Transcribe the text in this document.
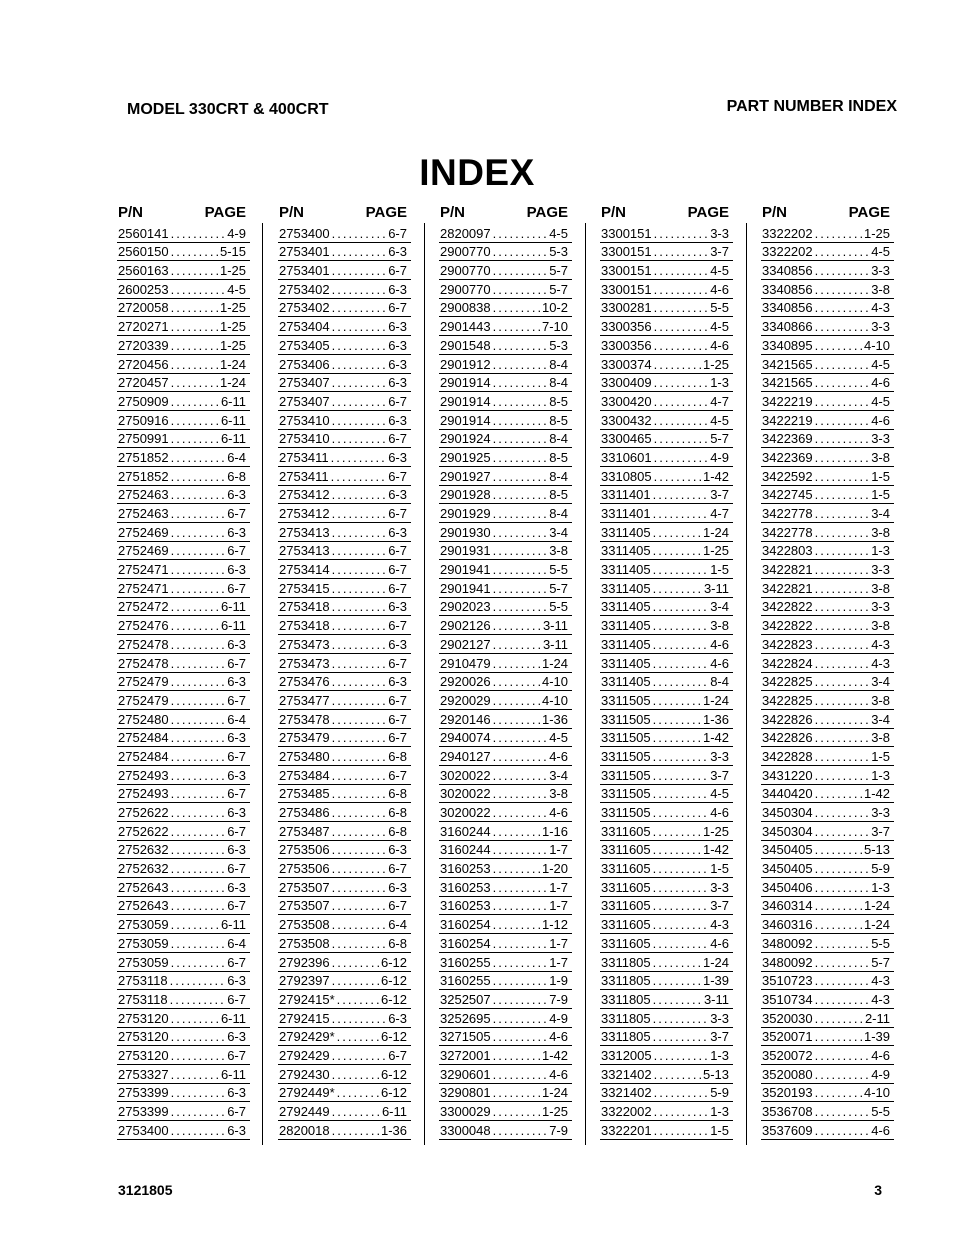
MODEL 330CRT & 400CRT	PART NUMBER INDEX
INDEX
P/N	PAGE
2560141 .....	4-9
2560150 .....	5-15
2560163 .....	1-25
2600253 .....	4-5
2720058 .....	1-25
2720271 .....	1-25
2720339 .....	1-25
2720456 .....	1-24
2720457 .....	1-24
2750909 .....	6-11
2750916 .....	6-11
2750991 .....	6-11
2751852 .....	6-4
2751852 .....	6-8
2752463 .....	6-3
2752463 .....	6-7
2752469 .....	6-3
2752469 .....	6-7
2752471 .....	6-3
2752471 .....	6-7
2752472 .....	6-11
2752476 .....	6-11
2752478 .....	6-3
2752478 .....	6-7
2752479 .....	6-3
2752479 .....	6-7
2752480 .....	6-4
2752484 .....	6-3
2752484 .....	6-7
2752493 .....	6-3
2752493 .....	6-7
2752622 .....	6-3
2752622 .....	6-7
2752632 .....	6-3
2752632 .....	6-7
2752643 .....	6-3
2752643 .....	6-7
2753059 .....	6-11
2753059 .....	6-4
2753059 .....	6-7
2753118 .....	6-3
2753118 .....	6-7
2753120 .....	6-11
2753120 .....	6-3
2753120 .....	6-7
2753327 .....	6-11
2753399 .....	6-3
2753399 .....	6-7
2753400 .....	6-3
P/N	PAGE
2753400 .....	6-7
2753401 .....	6-3
2753401 .....	6-7
2753402 .....	6-3
2753402 .....	6-7
2753404 .....	6-3
2753405 .....	6-3
2753406 .....	6-3
2753407 .....	6-3
2753407 .....	6-7
2753410 .....	6-3
2753410 .....	6-7
2753411 .....	6-3
2753411 .....	6-7
2753412 .....	6-3
2753412 .....	6-7
2753413 .....	6-3
2753413 .....	6-7
2753414 .....	6-7
2753415 .....	6-7
2753418 .....	6-3
2753418 .....	6-7
2753473 .....	6-3
2753473 .....	6-7
2753476 .....	6-3
2753477 .....	6-7
2753478 .....	6-7
2753479 .....	6-7
2753480 .....	6-8
2753484 .....	6-7
2753485 .....	6-8
2753486 .....	6-8
2753487 .....	6-8
2753506 .....	6-3
2753506 .....	6-7
2753507 .....	6-3
2753507 .....	6-7
2753508 .....	6-4
2753508 .....	6-8
2792396 .....	6-12
2792397 .....	6-12
2792415* .....	6-12
2792415 .....	6-3
2792429* .....	6-12
2792429 .....	6-7
2792430 .....	6-12
2792449* .....	6-12
2792449 .....	6-11
2820018 .....	1-36
P/N	PAGE
2820097 .....	4-5
2900770 .....	5-3
2900770 .....	5-7
2900770 .....	5-7
2900838 .....	10-2
2901443 .....	7-10
2901548 .....	5-3
2901912 .....	8-4
2901914 .....	8-4
2901914 .....	8-5
2901914 .....	8-5
2901924 .....	8-4
2901925 .....	8-5
2901927 .....	8-4
2901928 .....	8-5
2901929 .....	8-4
2901930 .....	3-4
2901931 .....	3-8
2901941 .....	5-5
2901941 .....	5-7
2902023 .....	5-5
2902126 .....	3-11
2902127 .....	3-11
2910479 .....	1-24
2920026 .....	4-10
2920029 .....	4-10
2920146 .....	1-36
2940074 .....	4-5
2940127 .....	4-6
3020022 .....	3-4
3020022 .....	3-8
3020022 .....	4-6
3160244 .....	1-16
3160244 .....	1-7
3160253 .....	1-20
3160253 .....	1-7
3160253 .....	1-7
3160254 .....	1-12
3160254 .....	1-7
3160255 .....	1-7
3160255 .....	1-9
3252507 .....	7-9
3252695 .....	4-9
3271505 .....	4-6
3272001 .....	1-42
3290601 .....	4-6
3290801 .....	1-24
3300029 .....	1-25
3300048 .....	7-9
P/N	PAGE
3300151 .....	3-3
3300151 .....	3-7
3300151 .....	4-5
3300151 .....	4-6
3300281 .....	5-5
3300356 .....	4-5
3300356 .....	4-6
3300374 .....	1-25
3300409 .....	1-3
3300420 .....	4-7
3300432 .....	4-5
3300465 .....	5-7
3310601 .....	4-9
3310805 .....	1-42
3311401 .....	3-7
3311401 .....	4-7
3311405 .....	1-24
3311405 .....	1-25
3311405 .....	1-5
3311405 .....	3-11
3311405 .....	3-4
3311405 .....	3-8
3311405 .....	4-6
3311405 .....	4-6
3311405 .....	8-4
3311505 .....	1-24
3311505 .....	1-36
3311505 .....	1-42
3311505 .....	3-3
3311505 .....	3-7
3311505 .....	4-5
3311505 .....	4-6
3311605 .....	1-25
3311605 .....	1-42
3311605 .....	1-5
3311605 .....	3-3
3311605 .....	3-7
3311605 .....	4-3
3311605 .....	4-6
3311805 .....	1-24
3311805 .....	1-39
3311805 .....	3-11
3311805 .....	3-3
3311805 .....	3-7
3312005 .....	1-3
3321402 .....	5-13
3321402 .....	5-9
3322002 .....	1-3
3322201 .....	1-5
P/N	PAGE
3322202 .....	1-25
3322202 .....	4-5
3340856 .....	3-3
3340856 .....	3-8
3340856 .....	4-3
3340866 .....	3-3
3340895 .....	4-10
3421565 .....	4-5
3421565 .....	4-6
3422219 .....	4-5
3422219 .....	4-6
3422369 .....	3-3
3422369 .....	3-8
3422592 .....	1-5
3422745 .....	1-5
3422778 .....	3-4
3422778 .....	3-8
3422803 .....	1-3
3422821 .....	3-3
3422821 .....	3-8
3422822 .....	3-3
3422822 .....	3-8
3422823 .....	4-3
3422824 .....	4-3
3422825 .....	3-4
3422825 .....	3-8
3422826 .....	3-4
3422826 .....	3-8
3422828 .....	1-5
3431220 .....	1-3
3440420 .....	1-42
3450304 .....	3-3
3450304 .....	3-7
3450405 .....	5-13
3450405 .....	5-9
3450406 .....	1-3
3460314 .....	1-24
3460316 .....	1-24
3480092 .....	5-5
3480092 .....	5-7
3510723 .....	4-3
3510734 .....	4-3
3520030 .....	2-11
3520071 .....	1-39
3520072 .....	4-6
3520080 .....	4-9
3520193 .....	4-10
3536708 .....	5-5
3537609 .....	4-6
3121805	3
